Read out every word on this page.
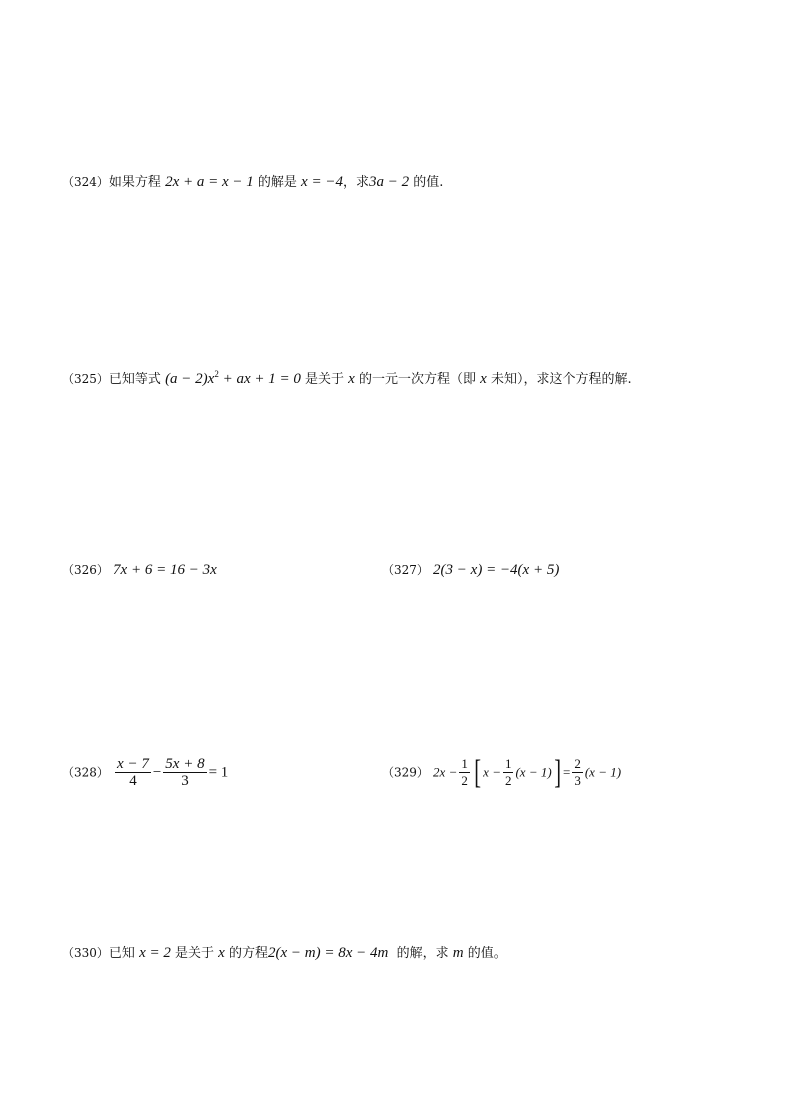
（324）如果方程 2x + a = x − 1 的解是 x = −4，求3a − 2 的值.
（325）已知等式 $(a - 2)x^2$ + ax + 1 = 0 是关于 x 的一元一次方程（即 x 未知），求这个方程的解.
（326） 7x + 6 = 16 − 3x	（327） 2(3 − x) = −4(x + 5)
$(328) \frac{x - 7}{4} - \frac{5x + 8}{3} = 1$	（329） $2x - \frac{1}{2}$ [ $x - \frac{1}{2} (x - 1)] = \frac{2}{3} (x - 1)$
（330）已知 x = 2 是关于 x 的方程2(x − m) = 8x − 4m 的解，求 m 的值。
